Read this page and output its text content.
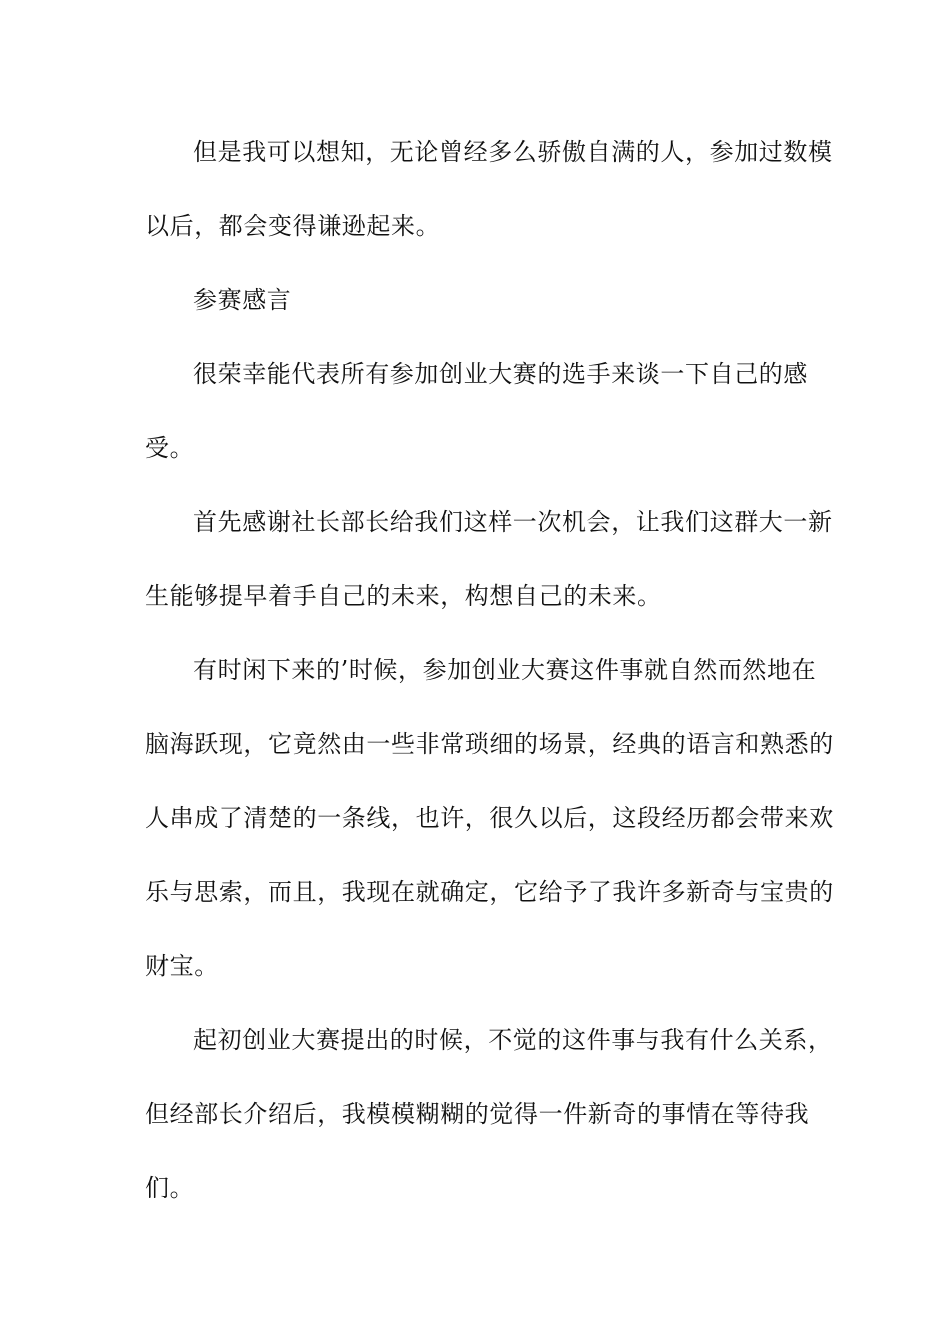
但是我可以想知，无论曾经多么骄傲自满的人，参加过数模以后，都会变得谦逊起来。

参赛感言

很荣幸能代表所有参加创业大赛的选手来谈一下自己的感受。

首先感谢社长部长给我们这样一次机会，让我们这群大一新生能够提早着手自己的未来，构想自己的未来。

有时闲下来的’时候，参加创业大赛这件事就自然而然地在脑海跃现，它竟然由一些非常琐细的场景，经典的语言和熟悉的人串成了清楚的一条线，也许，很久以后，这段经历都会带来欢乐与思索，而且，我现在就确定，它给予了我许多新奇与宝贵的财宝。

起初创业大赛提出的时候，不觉的这件事与我有什么关系，但经部长介绍后，我模模糊糊的觉得一件新奇的事情在等待我们。
